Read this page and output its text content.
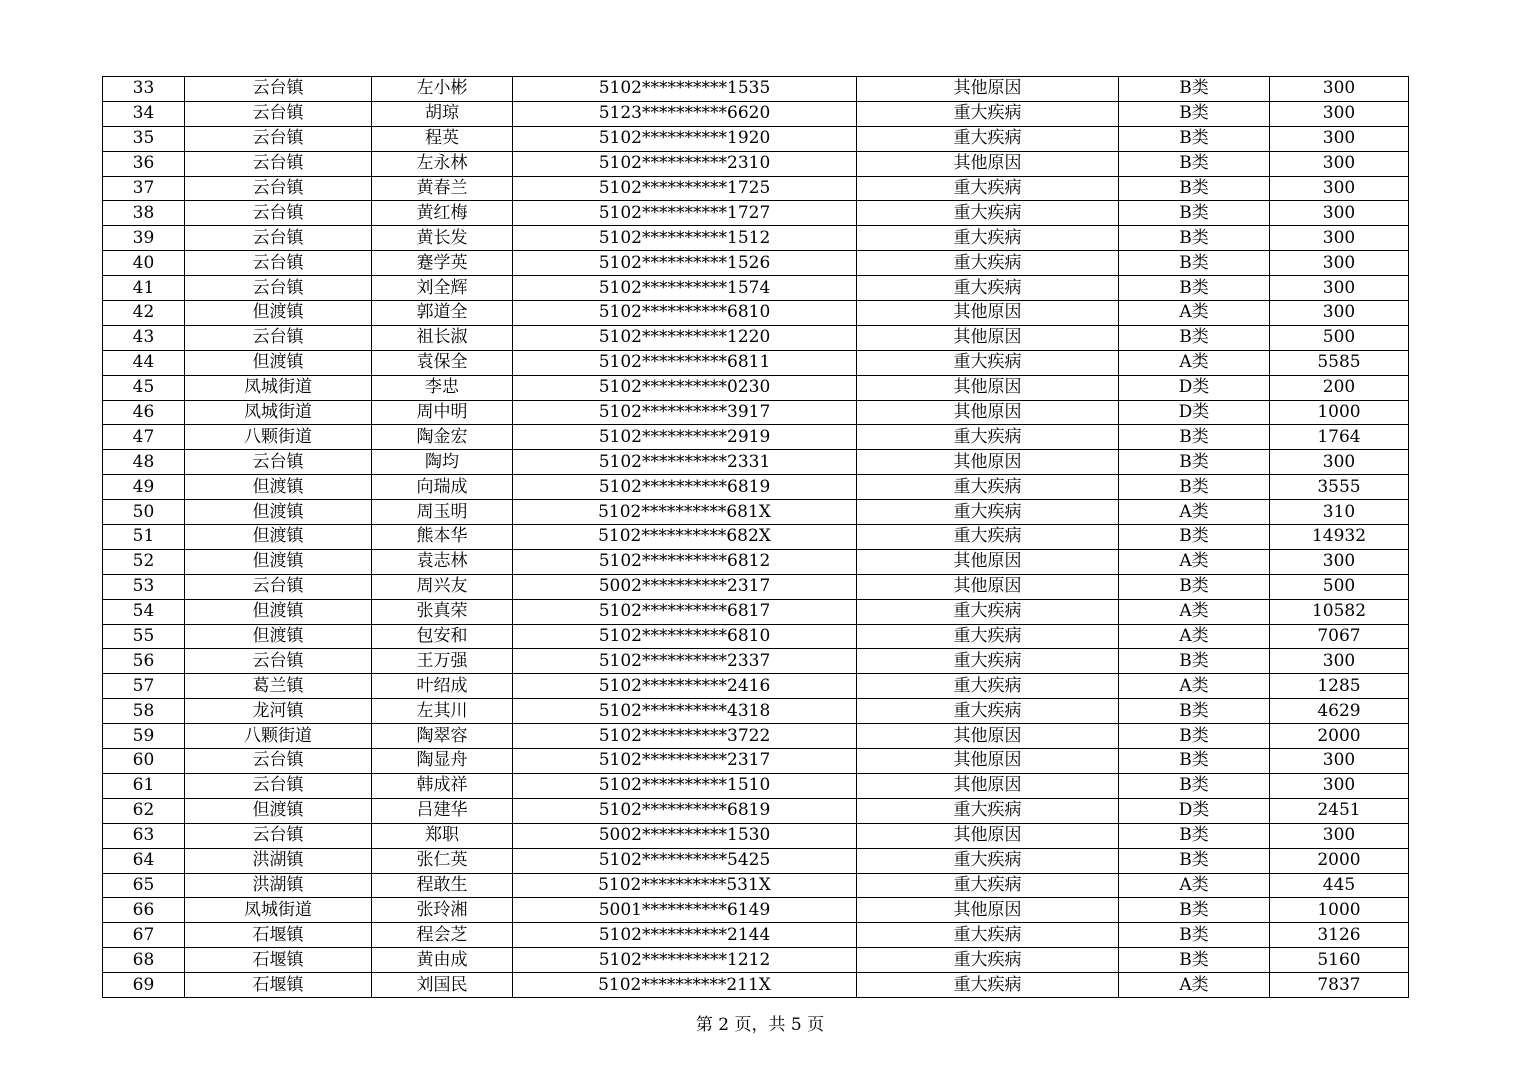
33	云台镇	左小彬	5102**********1535	其他原因	B类	300
34	云台镇	胡琼	5123**********6620	重大疾病	B类	300
35	云台镇	程英	5102**********1920	重大疾病	B类	300
36	云台镇	左永林	5102**********2310	其他原因	B类	300
37	云台镇	黄春兰	5102**********1725	重大疾病	B类	300
38	云台镇	黄红梅	5102**********1727	重大疾病	B类	300
39	云台镇	黄长发	5102**********1512	重大疾病	B类	300
40	云台镇	蹇学英	5102**********1526	重大疾病	B类	300
41	云台镇	刘全辉	5102**********1574	重大疾病	B类	300
42	但渡镇	郭道全	5102**********6810	其他原因	A类	300
43	云台镇	祖长淑	5102**********1220	其他原因	B类	500
44	但渡镇	袁保全	5102**********6811	重大疾病	A类	5585
45	凤城街道	李忠	5102**********0230	其他原因	D类	200
46	凤城街道	周中明	5102**********3917	其他原因	D类	1000
47	八颗街道	陶金宏	5102**********2919	重大疾病	B类	1764
48	云台镇	陶均	5102**********2331	其他原因	B类	300
49	但渡镇	向瑞成	5102**********6819	重大疾病	B类	3555
50	但渡镇	周玉明	5102**********681X	重大疾病	A类	310
51	但渡镇	熊本华	5102**********682X	重大疾病	B类	14932
52	但渡镇	袁志林	5102**********6812	其他原因	A类	300
53	云台镇	周兴友	5002**********2317	其他原因	B类	500
54	但渡镇	张真荣	5102**********6817	重大疾病	A类	10582
55	但渡镇	包安和	5102**********6810	重大疾病	A类	7067
56	云台镇	王万强	5102**********2337	重大疾病	B类	300
57	葛兰镇	叶绍成	5102**********2416	重大疾病	A类	1285
58	龙河镇	左其川	5102**********4318	重大疾病	B类	4629
59	八颗街道	陶翠容	5102**********3722	其他原因	B类	2000
60	云台镇	陶显舟	5102**********2317	其他原因	B类	300
61	云台镇	韩成祥	5102**********1510	其他原因	B类	300
62	但渡镇	吕建华	5102**********6819	重大疾病	D类	2451
63	云台镇	郑职	5002**********1530	其他原因	B类	300
64	洪湖镇	张仁英	5102**********5425	重大疾病	B类	2000
65	洪湖镇	程敢生	5102**********531X	重大疾病	A类	445
66	凤城街道	张玲湘	5001**********6149	其他原因	B类	1000
67	石堰镇	程会芝	5102**********2144	重大疾病	B类	3126
68	石堰镇	黄由成	5102**********1212	重大疾病	B类	5160
69	石堰镇	刘国民	5102**********211X	重大疾病	A类	7837
第 2 页，共 5 页
